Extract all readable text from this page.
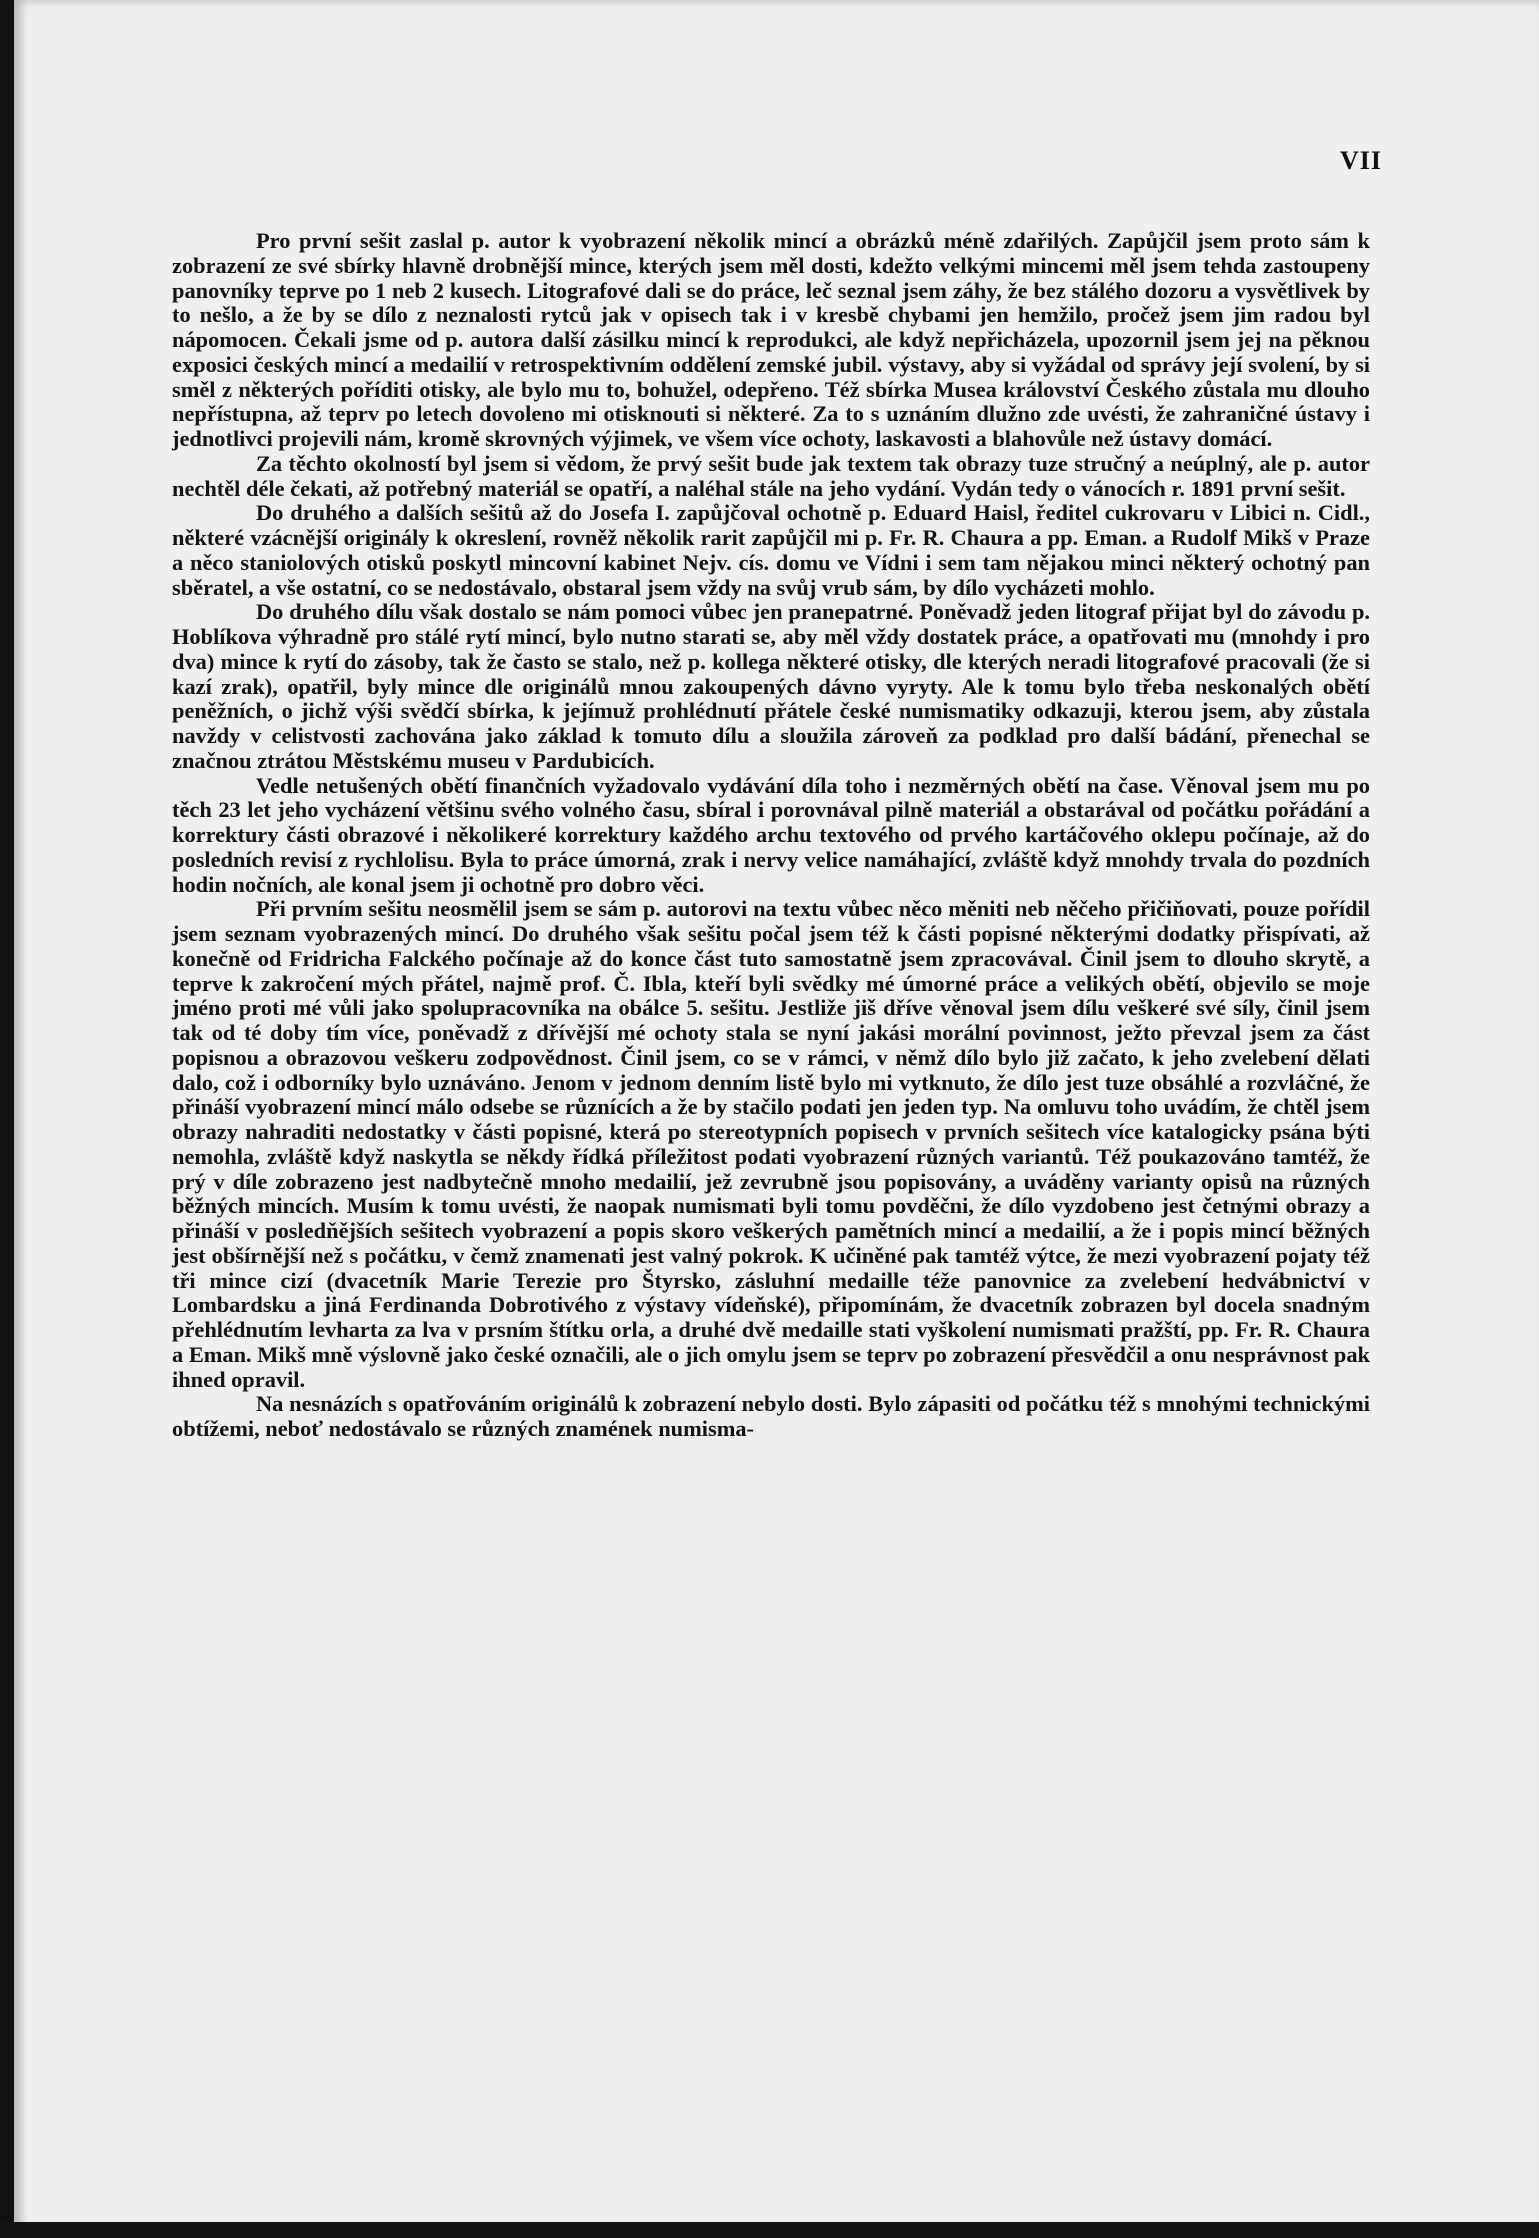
VII

Pro první sešit zaslal p. autor k vyobrazení několik mincí a obrázků méně zdařilých. Zapůjčil jsem proto sám k zobrazení ze své sbírky hlavně drobnější mince, kterých jsem měl dosti, kdežto velkými mincemi měl jsem tehda zastoupeny panovníky teprve po 1 neb 2 kusech. Litografové dali se do práce, leč seznal jsem záhy, že bez stálého dozoru a vysvětlivek by to nešlo, a že by se dílo z neznalosti rytců jak v opisech tak i v kresbě chybami jen hemžilo, pročež jsem jim radou byl nápomocen. Čekali jsme od p. autora další zásilku mincí k reprodukci, ale když nepřicházela, upozornil jsem jej na pěknou exposici českých mincí a medailií v retrospektivním oddělení zemské jubil. výstavy, aby si vyžádal od správy její svolení, by si směl z některých poříditi otisky, ale bylo mu to, bohužel, odepřeno. Též sbírka Musea království Českého zůstala mu dlouho nepřístupna, až teprv po letech dovoleno mi otisknouti si některé. Za to s uznáním dlužno zde uvésti, že zahraničné ústavy i jednotlivci projevili nám, kromě skrovných výjimek, ve všem více ochoty, laskavosti a blahovůle než ústavy domácí.

Za těchto okolností byl jsem si vědom, že prvý sešit bude jak textem tak obrazy tuze stručný a neúplný, ale p. autor nechtěl déle čekati, až potřebný materiál se opatří, a naléhal stále na jeho vydání. Vydán tedy o vánocích r. 1891 první sešit.

Do druhého a dalších sešitů až do Josefa I. zapůjčoval ochotně p. Eduard Haisl, ředitel cukrovaru v Libici n. Cidl., některé vzácnější originály k okreslení, rovněž několik rarit zapůjčil mi p. Fr. R. Chaura a pp. Eman. a Rudolf Mikš v Praze a něco staniolových otisků poskytl mincovní kabinet Nejv. cís. domu ve Vídni i sem tam nějakou minci některý ochotný pan sběratel, a vše ostatní, co se nedostávalo, obstaral jsem vždy na svůj vrub sám, by dílo vycházeti mohlo.

Do druhého dílu však dostalo se nám pomoci vůbec jen pranepatrné. Poněvadž jeden litograf přijat byl do závodu p. Hoblíkova výhradně pro stálé rytí mincí, bylo nutno starati se, aby měl vždy dostatek práce, a opatřovati mu (mnohdy i pro dva) mince k rytí do zásoby, tak že často se stalo, než p. kollega některé otisky, dle kterých neradi litografové pracovali (že si kazí zrak), opatřil, byly mince dle originálů mnou zakoupených dávno vyryty. Ale k tomu bylo třeba neskonalých obětí peněžních, o jichž výši svědčí sbírka, k jejímuž prohlédnutí přátele české numismatiky odkazuji, kterou jsem, aby zůstala navždy v celistvosti zachována jako základ k tomuto dílu a sloužila zároveň za podklad pro další bádání, přenechal se značnou ztrátou Městskému museu v Pardubicích.

Vedle netušených obětí finančních vyžadovalo vydávání díla toho i nezměrných obětí na čase. Věnoval jsem mu po těch 23 let jeho vycházení většinu svého volného času, sbíral i porovnával pilně materiál a obstarával od počátku pořádání a korrektury části obrazové i několikeré korrektury každého archu textového od prvého kartáčového oklepu počínaje, až do posledních revisí z rychlolisu. Byla to práce úmorná, zrak i nervy velice namáhající, zvláště když mnohdy trvala do pozdních hodin nočních, ale konal jsem ji ochotně pro dobro věci.

Při prvním sešitu neosmělil jsem se sám p. autorovi na textu vůbec něco měniti neb něčeho přičiňovati, pouze pořídil jsem seznam vyobrazených mincí. Do druhého však sešitu počal jsem též k části popisné některými dodatky přispívati, až konečně od Fridricha Falckého počínaje až do konce část tuto samostatně jsem zpracovával. Činil jsem to dlouho skrytě, a teprve k zakročení mých přátel, najmě prof. Č. Ibla, kteří byli svědky mé úmorné práce a velikých obětí, objevilo se moje jméno proti mé vůli jako spolupracovníka na obálce 5. sešitu. Jestliže jiš dříve věnoval jsem dílu veškeré své síly, činil jsem tak od té doby tím více, poněvadž z dřívější mé ochoty stala se nyní jakási morální povinnost, ježto převzal jsem za část popisnou a obrazovou veškeru zodpovědnost. Činil jsem, co se v rámci, v němž dílo bylo již začato, k jeho zvelebení dělati dalo, což i odborníky bylo uznáváno. Jenom v jednom denním listě bylo mi vytknuto, že dílo jest tuze obsáhlé a rozvláčné, že přináší vyobrazení mincí málo odsebe se různících a že by stačilo podati jen jeden typ. Na omluvu toho uvádím, že chtěl jsem obrazy nahraditi nedostatky v části popisné, která po stereotypních popisech v prvních sešitech více katalogicky psána býti nemohla, zvláště když naskytla se někdy řídká příležitost podati vyobrazení různých variantů. Též poukazováno tamtéž, že prý v díle zobrazeno jest nadbytečně mnoho medailií, jež zevrubně jsou popisovány, a uváděny varianty opisů na různých běžných mincích. Musím k tomu uvésti, že naopak numismati byli tomu povděčni, že dílo vyzdobeno jest četnými obrazy a přináší v posledňějších sešitech vyobrazení a popis skoro veškerých pamětních mincí a medailií, a že i popis mincí běžných jest obšírnější než s počátku, v čemž znamenati jest valný pokrok. K učiněné pak tamtéž výtce, že mezi vyobrazení pojaty též tři mince cizí (dvacetník Marie Terezie pro Štyrsko, zásluhní medaille téže panovnice za zvelebení hedvábnictví v Lombardsku a jiná Ferdinanda Dobrotivého z výstavy vídeňské), připomínám, že dvacetník zobrazen byl docela snadným přehlédnutím levharta za lva v prsním štítku orla, a druhé dvě medaille stati vyškolení numismati pražští, pp. Fr. R. Chaura a Eman. Mikš mně výslovně jako české označili, ale o jich omylu jsem se teprv po zobrazení přesvědčil a onu nesprávnost pak ihned opravil.

Na nesnázích s opatřováním originálů k zobrazení nebylo dosti. Bylo zápasiti od počátku též s mnohými technickými obtížemi, neboť nedostávalo se různých znamének numisma-
